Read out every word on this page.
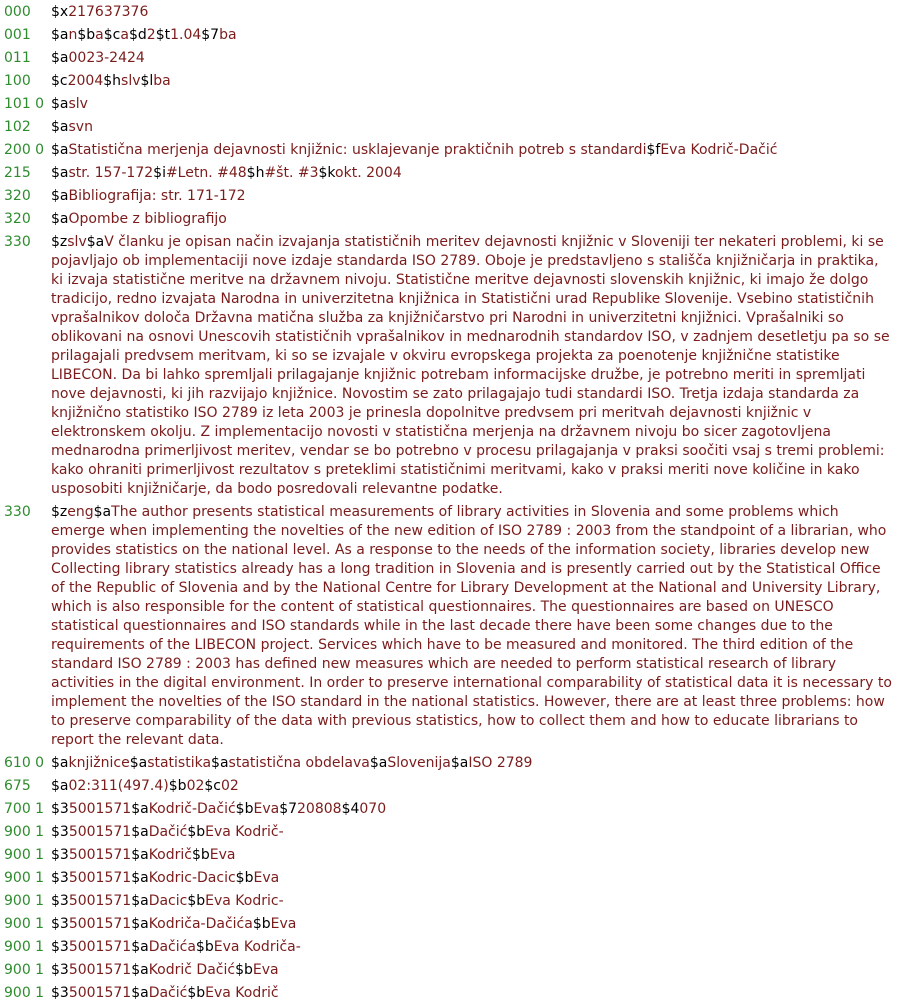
000	$x217637376
001	$an$ba$ca$d2$t1.04$7ba
011	$a0023-2424
100	$c2004$hslv$lba
101 0 $aslv
102	$asvn
200 0 $aStatistična merjenja dejavnosti knjižnic: usklajevanje praktičnih potreb s standardi$fEva Kodrič-Dačić
215	$astr. 157-172$i#Letn. #48$h#št. #3$kokt. 2004
320	$aBibliografija: str. 171-172
320	$aOpombe z bibliografijo
330	$zslv$aV članku je opisan način izvajanja statističnih meritev dejavnosti knjižnic v Sloveniji ter nekateri problemi, ki se pojavljajo ob implementaciji nove izdaje standarda ISO 2789. Oboje je predstavljeno s stališča knjižničarja in praktika, ki izvaja statistične meritve na državnem nivoju. Statistične meritve dejavnosti slovenskih knjižnic, ki imajo že dolgo tradicijo, redno izvajata Narodna in univerzitetna knjižnica in Statistični urad Republike Slovenije. Vsebino statističnih vprašalnikov določa Državna matična služba za knjižničarstvo pri Narodni in univerzitetni knjižnici. Vprašalniki so oblikovani na osnovi Unescovih statističnih vprašalnikov in mednarodnih standardov ISO, v zadnjem desetletju pa so se prilagajali predvsem meritvam, ki so se izvajale v okviru evropskega projekta za poenotenje knjižnične statistike LIBECON. Da bi lahko spremljali prilagajanje knjižnic potrebam informacijske družbe, je potrebno meriti in spremljati nove dejavnosti, ki jih razvijajo knjižnice. Novostim se zato prilagajajo tudi standardi ISO. Tretja izdaja standarda za knjižnično statistiko ISO 2789 iz leta 2003 je prinesla dopolnitve predvsem pri meritvah dejavnosti knjižnic v elektronskem okolju. Z implementacijo novosti v statistična merjenja na državnem nivoju bo sicer zagotovljena mednarodna primerljivost meritev, vendar se bo potrebno v procesu prilagajanja v praksi soočiti vsaj s tremi problemi: kako ohraniti primerljivost rezultatov s preteklimi statističnimi meritvami, kako v praksi meriti nove količine in kako usposobiti knjižničarje, da bodo posredovali relevantne podatke.
330	$zeng$aThe author presents statistical measurements of library activities in Slovenia and some problems which emerge when implementing the novelties of the new edition of ISO 2789 : 2003 from the standpoint of a librarian, who provides statistics on the national level. As a response to the needs of the information society, libraries develop new Collecting library statistics already has a long tradition in Slovenia and is presently carried out by the Statistical Office of the Republic of Slovenia and by the National Centre for Library Development at the National and University Library, which is also responsible for the content of statistical questionnaires. The questionnaires are based on UNESCO statistical questionnaires and ISO standards while in the last decade there have been some changes due to the requirements of the LIBECON project. Services which have to be measured and monitored. The third edition of the standard ISO 2789 : 2003 has defined new measures which are needed to perform statistical research of library activities in the digital environment. In order to preserve international comparability of statistical data it is necessary to implement the novelties of the ISO standard in the national statistics. However, there are at least three problems: how to preserve comparability of the data with previous statistics, how to collect them and how to educate librarians to report the relevant data.
610 0 $aknjižnice$astatistika$astatistična obdelava$aSlovenija$aISO 2789
675	$a02:311(497.4)$b02$c02
700 1 $35001571$aKodrič-Dačić$bEva$720808$4070
900 1 $35001571$aDačić$bEva Kodrič-
900 1 $35001571$aKodrič$bEva
900 1 $35001571$aKodric-Dacic$bEva
900 1 $35001571$aDacic$bEva Kodric-
900 1 $35001571$aKodriča-Dačića$bEva
900 1 $35001571$aDačića$bEva Kodriča-
900 1 $35001571$aKodrič Dačić$bEva
900 1 $35001571$aDačić$bEva Kodrič
